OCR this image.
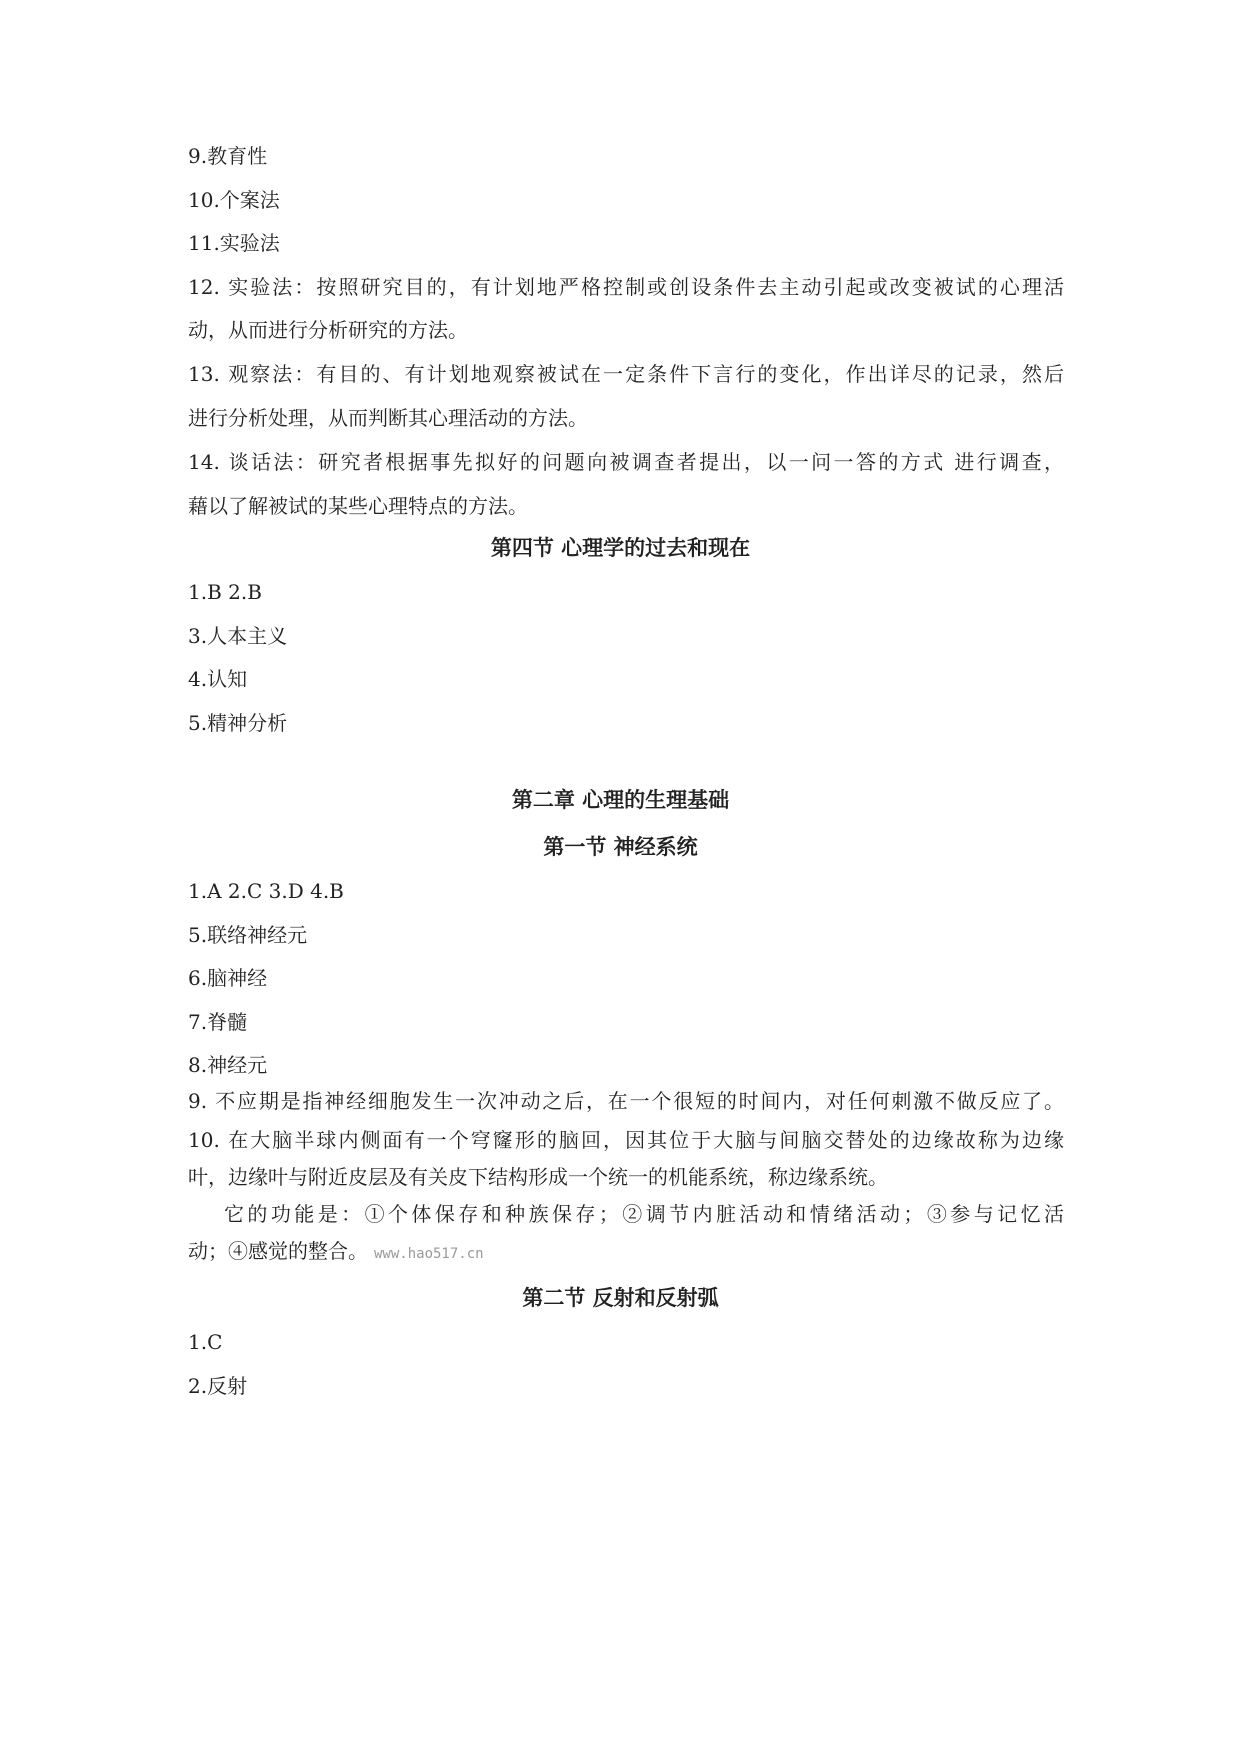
9.教育性
10.个案法
11.实验法
12. 实验法：按照研究目的，有计划地严格控制或创设条件去主动引起或改变被试的心理活
动，从而进行分析研究的方法。
13. 观察法：有目的、有计划地观察被试在一定条件下言行的变化，作出详尽的记录，然后
进行分析处理，从而判断其心理活动的方法。
14. 谈话法：研究者根据事先拟好的问题向被调查者提出，以一问一答的方式 进行调查，
藉以了解被试的某些心理特点的方法。
第四节 心理学的过去和现在
1.B 2.B
3.人本主义
4.认知
5.精神分析
第二章 心理的生理基础
第一节 神经系统
1.A 2.C 3.D 4.B
5.联络神经元
6.脑神经
7.脊髓
8.神经元
9. 不应期是指神经细胞发生一次冲动之后，在一个很短的时间内，对任何刺激不做反应了。
10. 在大脑半球内侧面有一个穹窿形的脑回，因其位于大脑与间脑交替处的边缘故称为边缘
叶，边缘叶与附近皮层及有关皮下结构形成一个统一的机能系统，称边缘系统。
它的功能是：①个体保存和种族保存；②调节内脏活动和情绪活动；③参与记忆活
动；④感觉的整合。 www.hao517.cn
第二节 反射和反射弧
1.C
2.反射
